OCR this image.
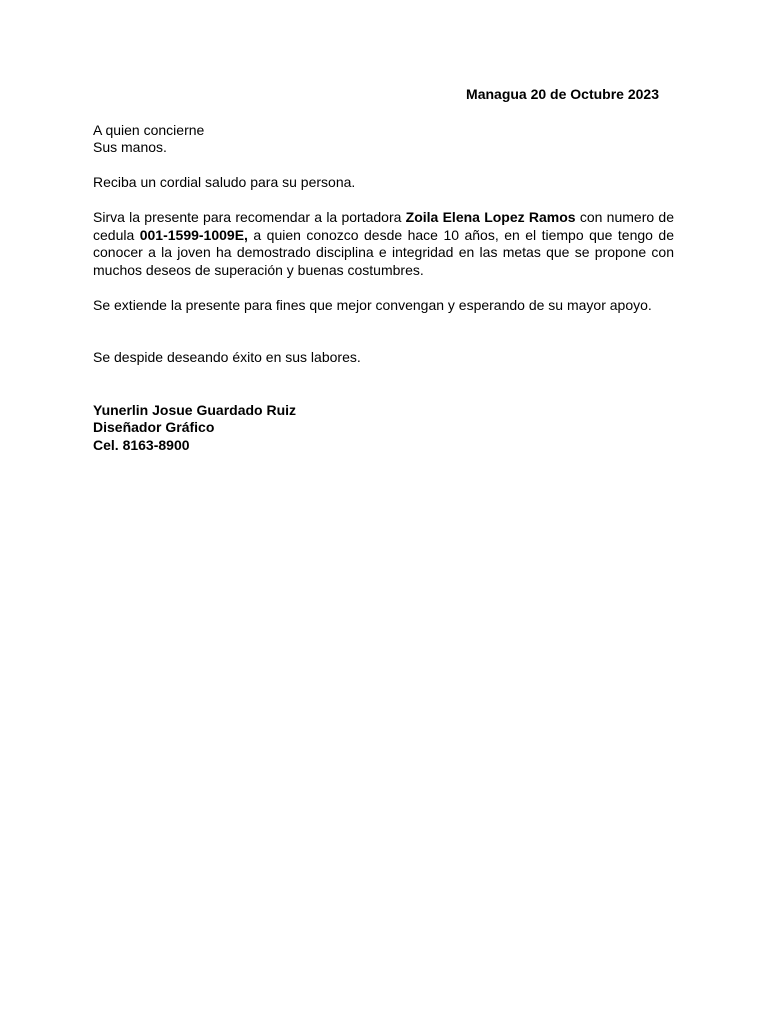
Managua 20 de Octubre 2023
A quien concierne
Sus manos.
Reciba un cordial saludo para su persona.

Sirva la presente para recomendar a la portadora Zoila Elena Lopez Ramos con numero de cedula 001-1599-1009E, a quien conozco desde hace 10 años, en el tiempo que tengo de conocer a la joven ha demostrado disciplina e integridad en las metas que se propone con muchos deseos de superación y buenas costumbres.

Se extiende la presente para fines que mejor convengan y esperando de su mayor apoyo.
Se despide deseando éxito en sus labores.
Yunerlin Josue Guardado Ruiz
Diseñador Gráfico
Cel. 8163-8900
